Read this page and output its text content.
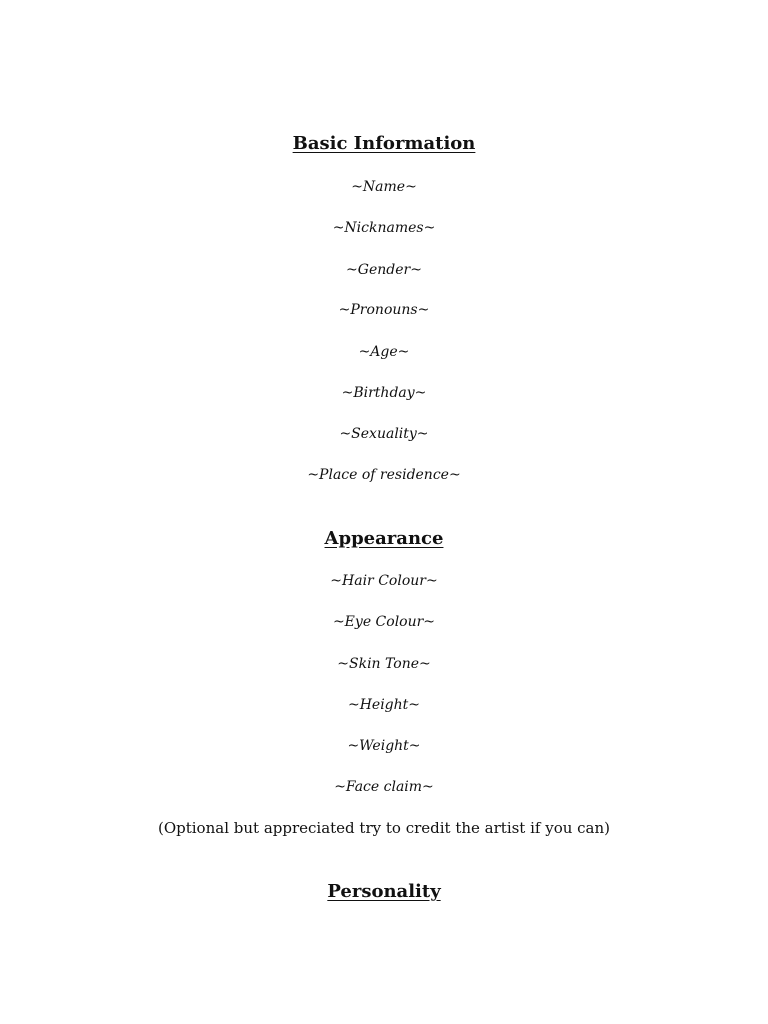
Basic Information
~Name~
~Nicknames~
~Gender~
~Pronouns~
~Age~
~Birthday~
~Sexuality~
~Place of residence~
Appearance
~Hair Colour~
~Eye Colour~
~Skin Tone~
~Height~
~Weight~
~Face claim~
(Optional but appreciated try to credit the artist if you can)
Personality
